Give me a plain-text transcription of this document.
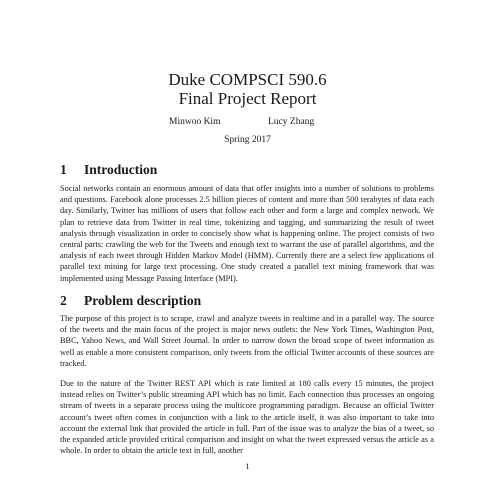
Duke COMPSCI 590.6
Final Project Report
Minwoo Kim	Lucy Zhang
Spring 2017
1 Introduction

Social networks contain an enormous amount of data that offer insights into a number of solutions to problems and questions. Facebook alone processes 2.5 billion pieces of content and more than 500 terabytes of data each day. Similarly, Twitter has millions of users that follow each other and form a large and complex network. We plan to retrieve data from Twitter in real time, tokenizing and tagging, and summarizing the result of tweet analysis through visualization in order to concisely show what is happening online. The project consists of two central parts: crawling the web for the Tweets and enough text to warrant the use of parallel algorithms, and the analysis of each tweet through Hidden Markov Model (HMM). Currently there are a select few applications of parallel text mining for large text processing. One study created a parallel text mining framework that was implemented using Message Passing Interface (MPI).

2 Problem description

The purpose of this project is to scrape, crawl and analyze tweets in realtime and in a parallel way. The source of the tweets and the main focus of the project is major news outlets: the New York Times, Washington Post, BBC, Yahoo News, and Wall Street Journal. In order to narrow down the broad scope of tweet information as well as enable a more consistent comparison, only tweets from the official Twitter accounts of these sources are tracked.

Due to the nature of the Twitter REST API which is rate limited at 180 calls every 15 minutes, the project instead relies on Twitter’s public streaming API which has no limit. Each connection thus processes an ongoing stream of tweets in a separate process using the multicore programming paradigm. Because an official Twitter account’s tweet often comes in conjunction with a link to the article itself, it was also important to take into account the external link that provided the article in full. Part of the issue was to analyze the bias of a tweet, so the expanded article provided critical comparison and insight on what the tweet expressed versus the article as a whole. In order to obtain the article text in full, another

1
